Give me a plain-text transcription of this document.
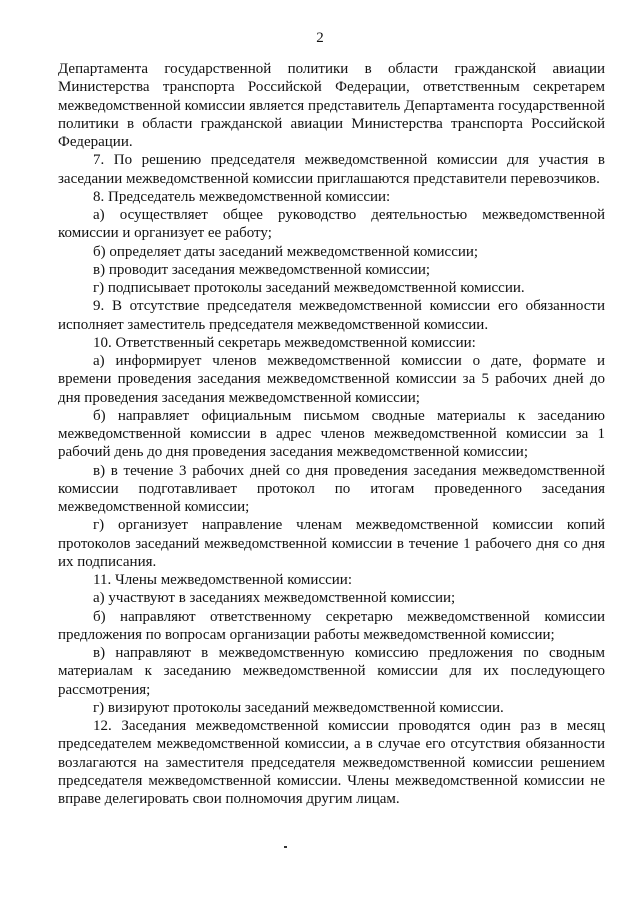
2

Департамента государственной политики в области гражданской авиации Министерства транспорта Российской Федерации, ответственным секретарем межведомственной комиссии является представитель Департамента государственной политики в области гражданской авиации Министерства транспорта Российской Федерации.

7. По решению председателя межведомственной комиссии для участия в заседании межведомственной комиссии приглашаются представители перевозчиков.

8. Председатель межведомственной комиссии:

а) осуществляет общее руководство деятельностью межведомственной комиссии и организует ее работу;

б) определяет даты заседаний межведомственной комиссии;

в) проводит заседания межведомственной комиссии;

г) подписывает протоколы заседаний межведомственной комиссии.

9. В отсутствие председателя межведомственной комиссии его обязанности исполняет заместитель председателя межведомственной комиссии.

10. Ответственный секретарь межведомственной комиссии:

а) информирует членов межведомственной комиссии о дате, формате и времени проведения заседания межведомственной комиссии за 5 рабочих дней до дня проведения заседания межведомственной комиссии;

б) направляет официальным письмом сводные материалы к заседанию межведомственной комиссии в адрес членов межведомственной комиссии за 1 рабочий день до дня проведения заседания межведомственной комиссии;

в) в течение 3 рабочих дней со дня проведения заседания межведомственной комиссии подготавливает протокол по итогам проведенного заседания межведомственной комиссии;

г) организует направление членам межведомственной комиссии копий протоколов заседаний межведомственной комиссии в течение 1 рабочего дня со дня их подписания.

11. Члены межведомственной комиссии:

а) участвуют в заседаниях межведомственной комиссии;

б) направляют ответственному секретарю межведомственной комиссии предложения по вопросам организации работы межведомственной комиссии;

в) направляют в межведомственную комиссию предложения по сводным материалам к заседанию межведомственной комиссии для их последующего рассмотрения;

г) визируют протоколы заседаний межведомственной комиссии.

12. Заседания межведомственной комиссии проводятся один раз в месяц председателем межведомственной комиссии, а в случае его отсутствия обязанности возлагаются на заместителя председателя межведомственной комиссии решением председателя межведомственной комиссии. Члены межведомственной комиссии не вправе делегировать свои полномочия другим лицам.
